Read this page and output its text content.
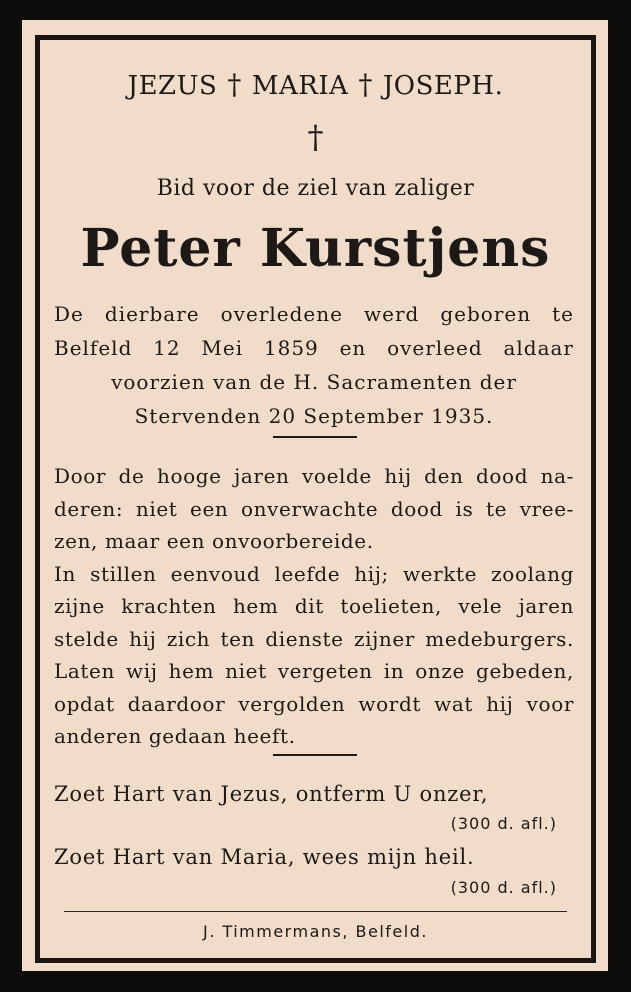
JEZUS † MARIA † JOSEPH.
†
Bid voor de ziel van zaliger
Peter Kurstjens
De dierbare overledene werd geboren te
Belfeld 12 Mei 1859 en overleed aldaar
voorzien van de H. Sacramenten der
Stervenden 20 September 1935.
Door de hooge jaren voelde hij den dood na-
deren: niet een onverwachte dood is te vree-
zen, maar een onvoorbereide.
In stillen eenvoud leefde hij; werkte zoolang
zijne krachten hem dit toelieten, vele jaren
stelde hij zich ten dienste zijner medeburgers.
Laten wij hem niet vergeten in onze gebeden,
opdat daardoor vergolden wordt wat hij voor
anderen gedaan heeft.
Zoet Hart van Jezus, ontferm U onzer,
(300 d. afl.)
Zoet Hart van Maria, wees mijn heil.
(300 d. afl.)
J. Timmermans, Belfeld.
